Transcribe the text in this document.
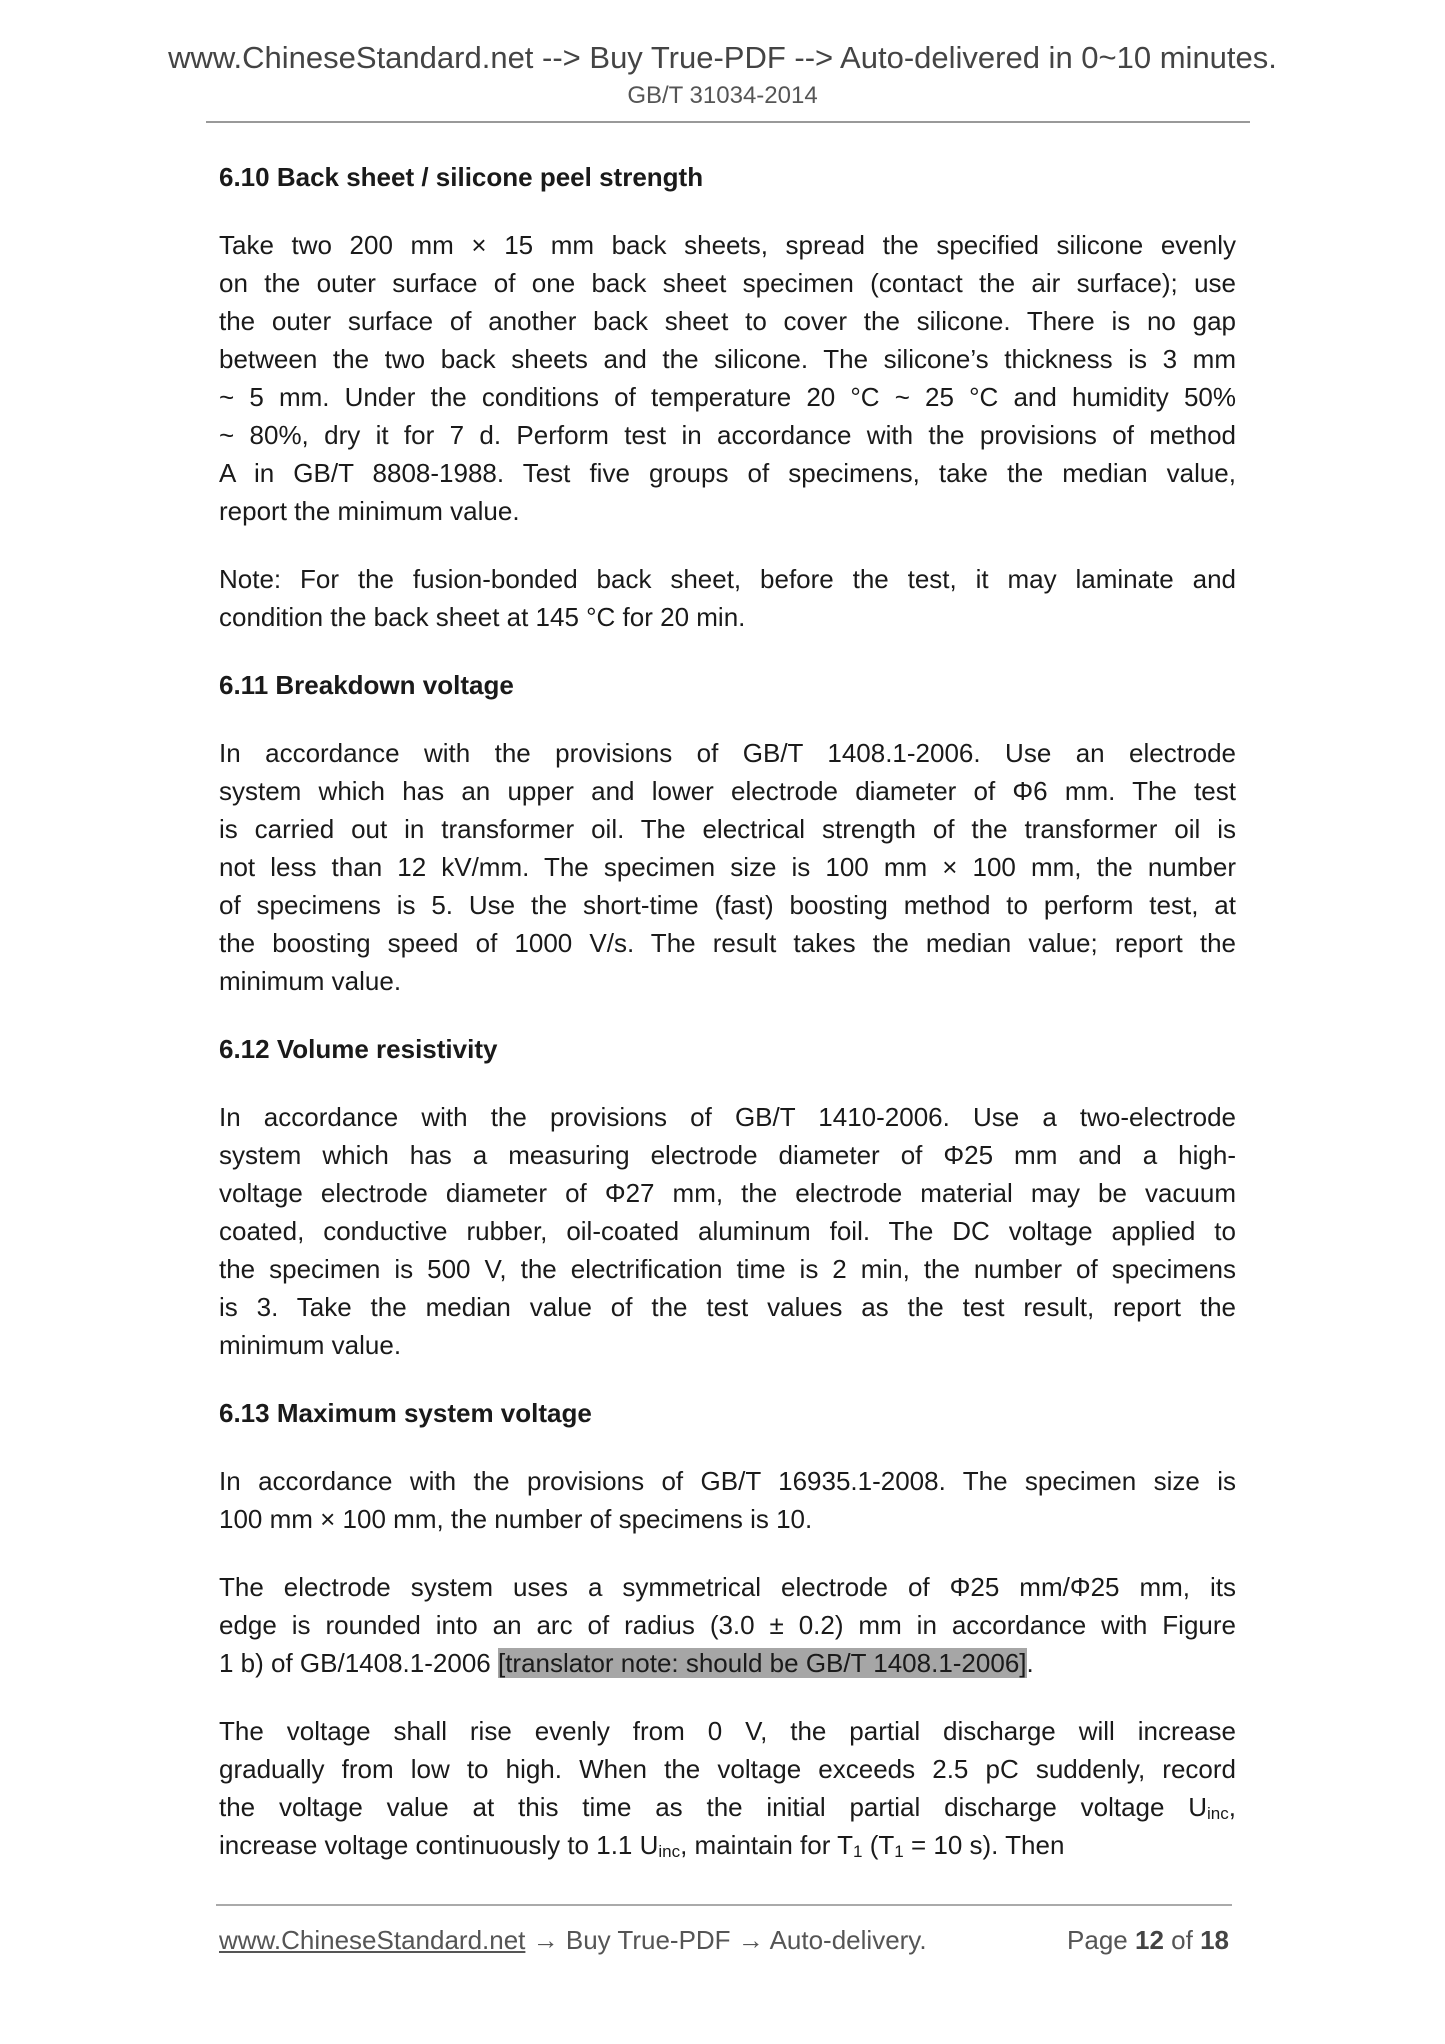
www.ChineseStandard.net --> Buy True-PDF --> Auto-delivered in 0~10 minutes.
GB/T 31034-2014
6.10 Back sheet / silicone peel strength
Take two 200 mm × 15 mm back sheets, spread the specified silicone evenly
on the outer surface of one back sheet specimen (contact the air surface); use
the outer surface of another back sheet to cover the silicone. There is no gap
between the two back sheets and the silicone. The silicone’s thickness is 3 mm
~ 5 mm. Under the conditions of temperature 20 °C ~ 25 °C and humidity 50%
~ 80%, dry it for 7 d. Perform test in accordance with the provisions of method
A in GB/T 8808-1988. Test five groups of specimens, take the median value,
report the minimum value.
Note: For the fusion-bonded back sheet, before the test, it may laminate and
condition the back sheet at 145 °C for 20 min.
6.11 Breakdown voltage
In accordance with the provisions of GB/T 1408.1-2006. Use an electrode
system which has an upper and lower electrode diameter of Φ6 mm. The test
is carried out in transformer oil. The electrical strength of the transformer oil is
not less than 12 kV/mm. The specimen size is 100 mm × 100 mm, the number
of specimens is 5. Use the short-time (fast) boosting method to perform test, at
the boosting speed of 1000 V/s. The result takes the median value; report the
minimum value.
6.12 Volume resistivity
In accordance with the provisions of GB/T 1410-2006. Use a two-electrode
system which has a measuring electrode diameter of Φ25 mm and a high-
voltage electrode diameter of Φ27 mm, the electrode material may be vacuum
coated, conductive rubber, oil-coated aluminum foil. The DC voltage applied to
the specimen is 500 V, the electrification time is 2 min, the number of specimens
is 3. Take the median value of the test values as the test result, report the
minimum value.
6.13 Maximum system voltage
In accordance with the provisions of GB/T 16935.1-2008. The specimen size is
100 mm × 100 mm, the number of specimens is 10.
The electrode system uses a symmetrical electrode of Φ25 mm/Φ25 mm, its
edge is rounded into an arc of radius (3.0 ± 0.2) mm in accordance with Figure
1 b) of GB/1408.1-2006 [translator note: should be GB/T 1408.1-2006].
The voltage shall rise evenly from 0 V, the partial discharge will increase
gradually from low to high. When the voltage exceeds 2.5 pC suddenly, record
the voltage value at this time as the initial partial discharge voltage $U_{inc}$,
increase voltage continuously to 1.1 $U_{inc}$, maintain for $T_1$ ($T_1 = 10$ s). Then
www.ChineseStandard.net → Buy True-PDF → Auto-delivery.	Page 12 of 18
